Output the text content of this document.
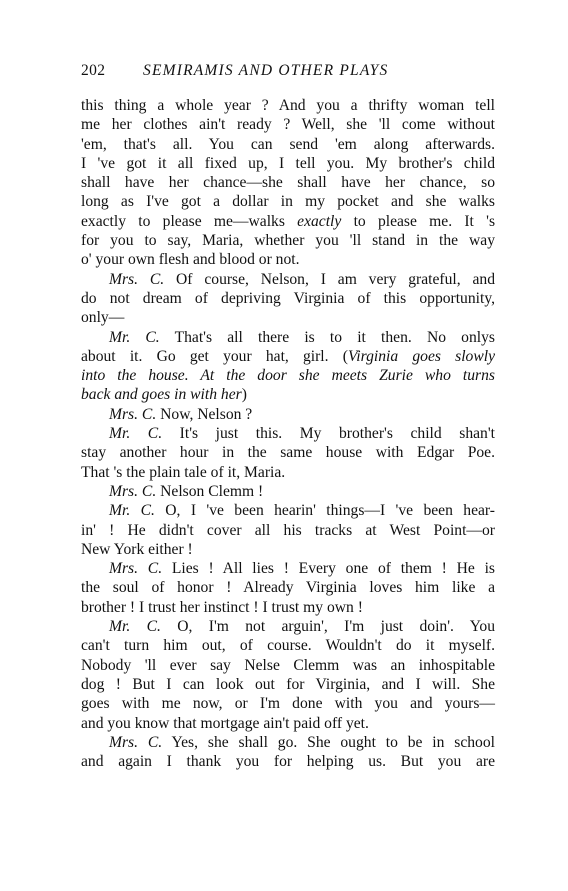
202	SEMIRAMIS AND OTHER PLAYS
this thing a whole year ? And you a thrifty woman tell
me her clothes ain't ready ? Well, she 'll come without
'em, that's all. You can send 'em along afterwards.
I 've got it all fixed up, I tell you. My brother's child
shall have her chance—she shall have her chance, so
long as I've got a dollar in my pocket and she walks
exactly to please me—walks exactly to please me. It 's
for you to say, Maria, whether you 'll stand in the way
o' your own flesh and blood or not.
Mrs. C. Of course, Nelson, I am very grateful, and
do not dream of depriving Virginia of this opportunity,
only—
Mr. C. That's all there is to it then. No onlys
about it. Go get your hat, girl. (Virginia goes slowly
into the house. At the door she meets Zurie who turns
back and goes in with her)
Mrs. C. Now, Nelson ?
Mr. C. It's just this. My brother's child shan't
stay another hour in the same house with Edgar Poe.
That 's the plain tale of it, Maria.
Mrs. C. Nelson Clemm !
Mr. C. O, I 've been hearin' things—I 've been hear-
in' ! He didn't cover all his tracks at West Point—or
New York either !
Mrs. C. Lies ! All lies ! Every one of them ! He is
the soul of honor ! Already Virginia loves him like a
brother ! I trust her instinct ! I trust my own !
Mr. C. O, I'm not arguin', I'm just doin'. You
can't turn him out, of course. Wouldn't do it myself.
Nobody 'll ever say Nelse Clemm was an inhospitable
dog ! But I can look out for Virginia, and I will. She
goes with me now, or I'm done with you and yours—
and you know that mortgage ain't paid off yet.
Mrs. C. Yes, she shall go. She ought to be in school
and again I thank you for helping us. But you are
